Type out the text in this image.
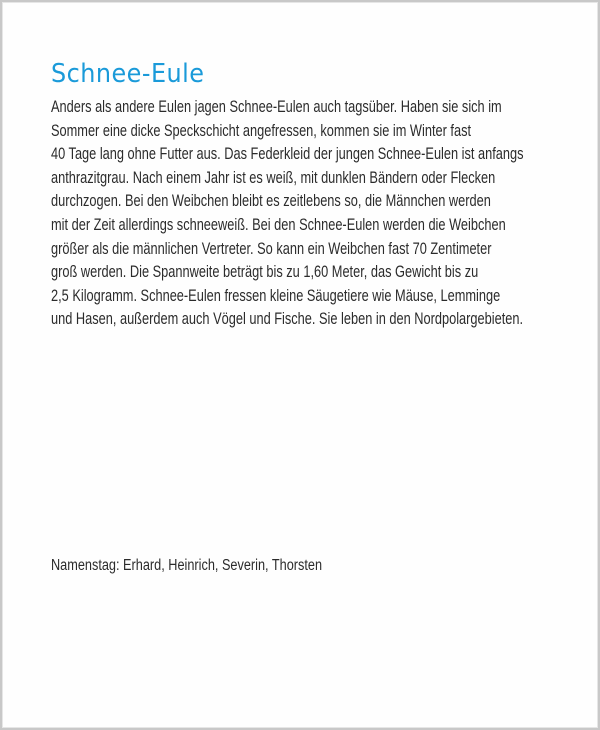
Schnee-Eule

Anders als andere Eulen jagen Schnee-Eulen auch tagsüber. Haben sie sich im
Sommer eine dicke Speckschicht angefressen, kommen sie im Winter fast
40 Tage lang ohne Futter aus. Das Federkleid der jungen Schnee-Eulen ist anfangs
anthrazitgrau. Nach einem Jahr ist es weiß, mit dunklen Bändern oder Flecken
durchzogen. Bei den Weibchen bleibt es zeitlebens so, die Männchen werden
mit der Zeit allerdings schneeweiß. Bei den Schnee-Eulen werden die Weibchen
größer als die männlichen Vertreter. So kann ein Weibchen fast 70 Zentimeter
groß werden. Die Spannweite beträgt bis zu 1,60 Meter, das Gewicht bis zu
2,5 Kilogramm. Schnee-Eulen fressen kleine Säugetiere wie Mäuse, Lemminge
und Hasen, außerdem auch Vögel und Fische. Sie leben in den Nordpolargebieten.

Namenstag: Erhard, Heinrich, Severin, Thorsten
